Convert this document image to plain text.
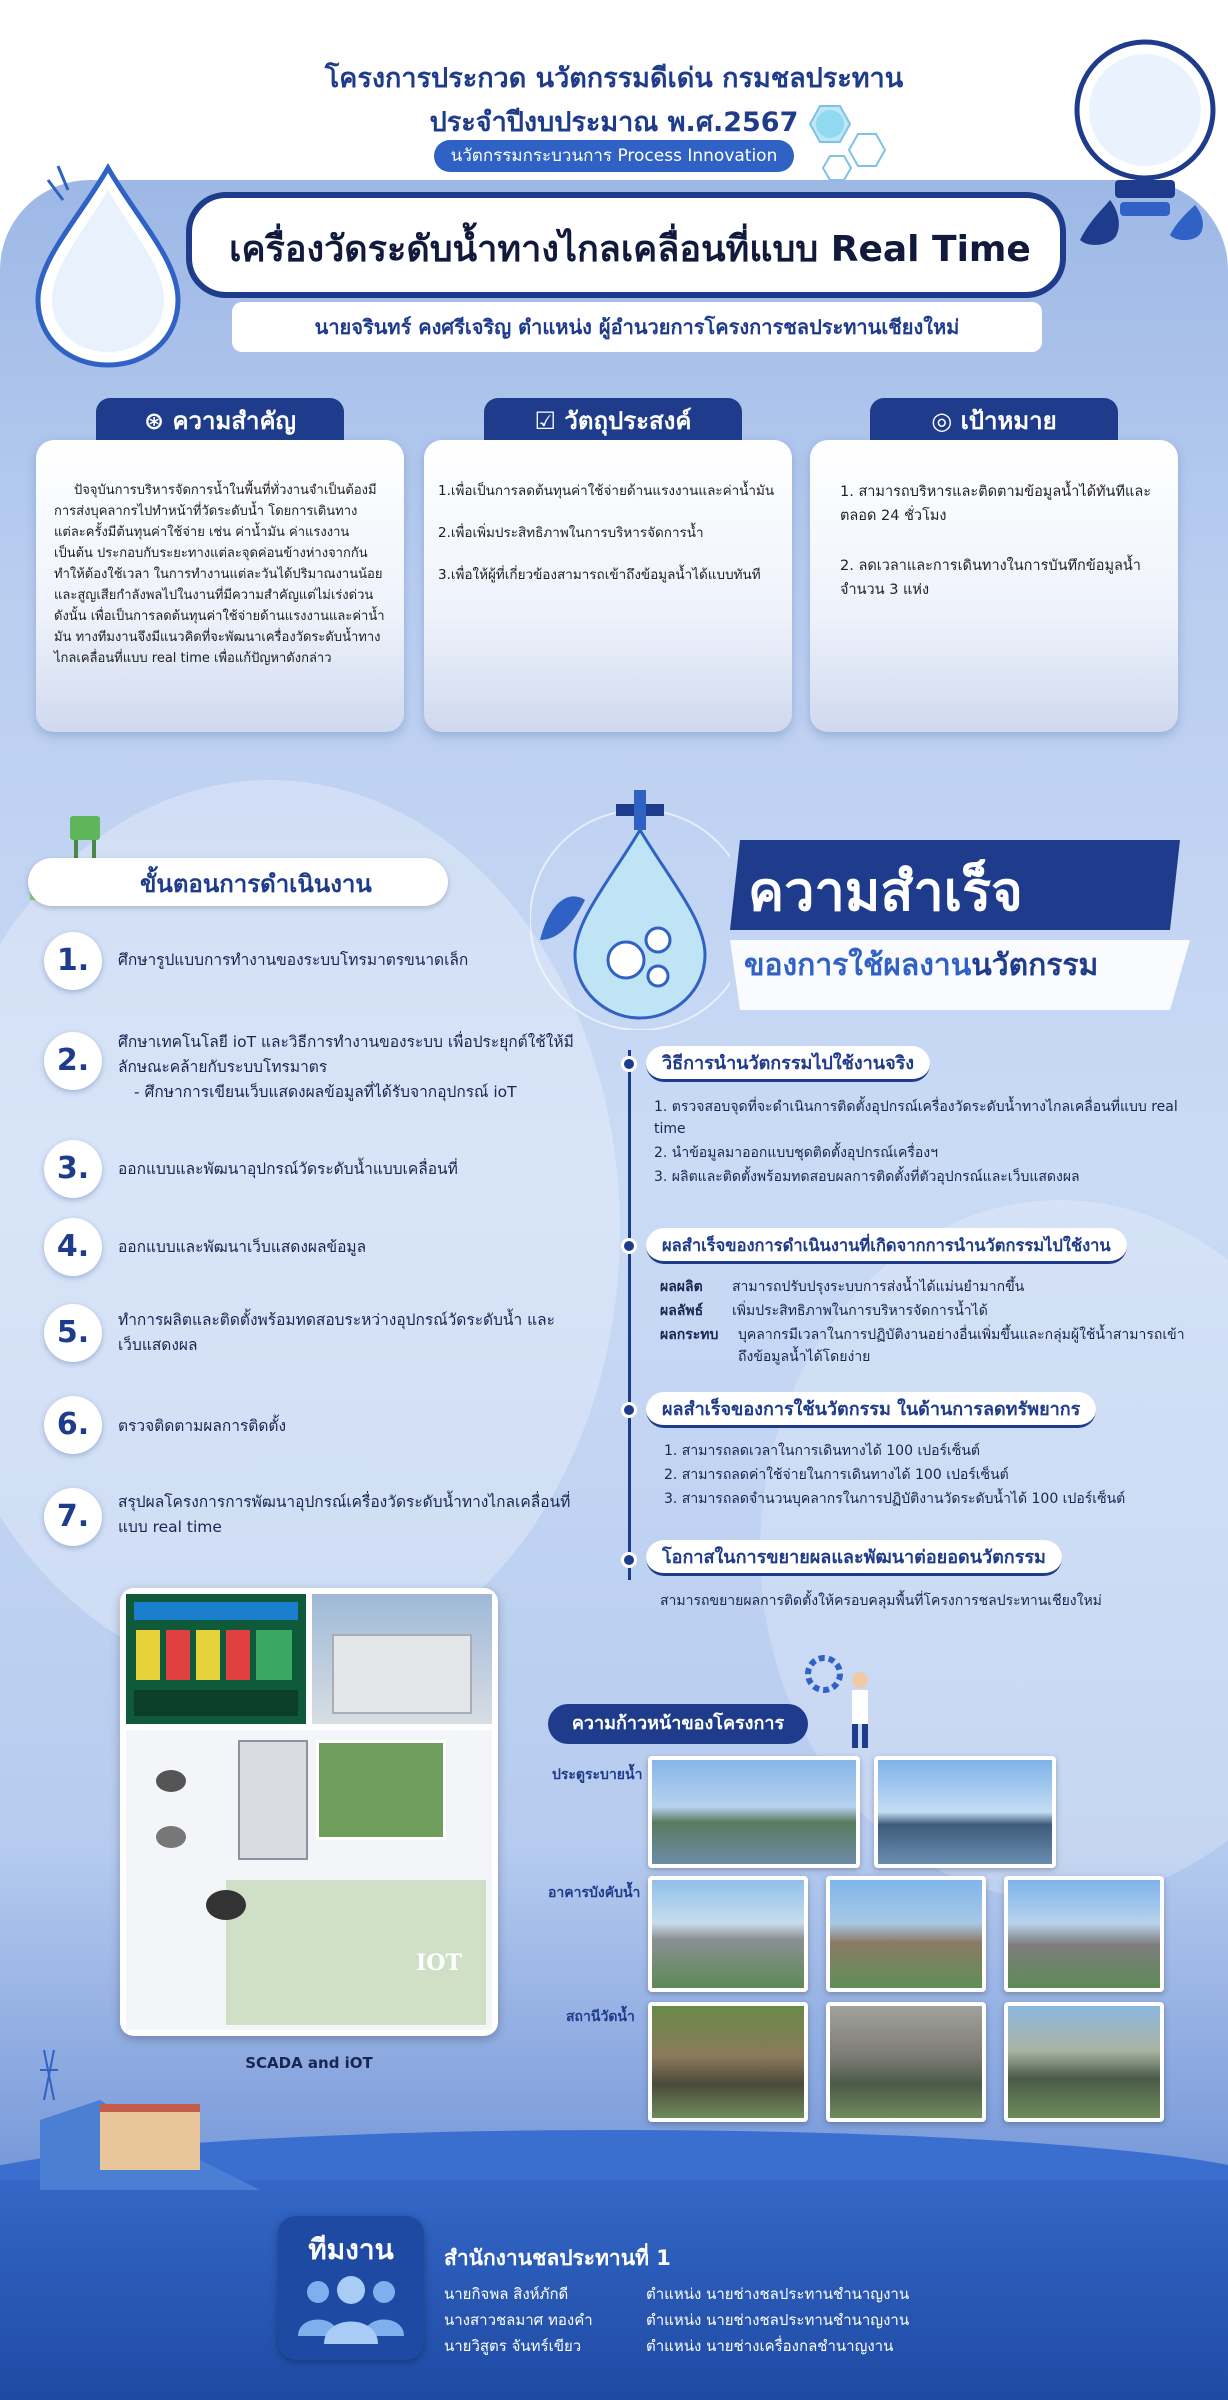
โครงการประกวด นวัตกรรมดีเด่น กรมชลประทาน
ประจำปีงบประมาณ พ.ศ.2567
นวัตกรรมกระบวนการ Process Innovation
เครื่องวัดระดับน้ำทางไกลเคลื่อนที่แบบ Real Time
นายจรินทร์ คงศรีเจริญ ตำแหน่ง ผู้อำนวยการโครงการชลประทานเชียงใหม่
⊛ ความสำคัญ
ปัจจุบันการบริหารจัดการน้ำในพื้นที่ทั่วงานจำเป็นต้องมีการส่งบุคลากรไปทำหน้าที่วัดระดับน้ำ โดยการเดินทางแต่ละครั้งมีต้นทุนค่าใช้จ่าย เช่น ค่าน้ำมัน ค่าแรงงาน เป็นต้น ประกอบกับระยะทางแต่ละจุดค่อนข้างห่างจากกัน ทำให้ต้องใช้เวลา ในการทำงานแต่ละวันได้ปริมาณงานน้อย และสูญเสียกำลังพลไปในงานที่มีความสำคัญแต่ไม่เร่งด่วน ดังนั้น เพื่อเป็นการลดต้นทุนค่าใช้จ่ายด้านแรงงานและค่าน้ำมัน ทางทีมงานจึงมีแนวคิดที่จะพัฒนาเครื่องวัดระดับน้ำทางไกลเคลื่อนที่แบบ real time เพื่อแก้ปัญหาดังกล่าว
☑ วัตถุประสงค์
1.เพื่อเป็นการลดต้นทุนค่าใช้จ่ายด้านแรงงานและค่าน้ำมัน
2.เพื่อเพิ่มประสิทธิภาพในการบริหารจัดการน้ำ
3.เพื่อให้ผู้ที่เกี่ยวข้องสามารถเข้าถึงข้อมูลน้ำได้แบบทันที
◎ เป้าหมาย
1. สามารถบริหารและติดตามข้อมูลน้ำได้ทันทีและตลอด 24 ชั่วโมง
2. ลดเวลาและการเดินทางในการบันทึกข้อมูลน้ำ จำนวน 3 แห่ง
ขั้นตอนการดำเนินงาน
1.	ศึกษารูปแบบการทำงานของระบบโทรมาตรขนาดเล็ก
2.
ศึกษาเทคโนโลยี ioT และวิธีการทำงานของระบบ เพื่อประยุกต์ใช้ให้มีลักษณะคล้ายกับระบบโทรมาตร
- ศึกษาการเขียนเว็บแสดงผลข้อมูลที่ได้รับจากอุปกรณ์ ioT
3.	ออกแบบและพัฒนาอุปกรณ์วัดระดับน้ำแบบเคลื่อนที่
4.	ออกแบบและพัฒนาเว็บแสดงผลข้อมูล
5.	ทำการผลิตและติดตั้งพร้อมทดสอบระหว่างอุปกรณ์วัดระดับน้ำ และเว็บแสดงผล
6.	ตรวจติดตามผลการติดตั้ง
7.	สรุปผลโครงการการพัฒนาอุปกรณ์เครื่องวัดระดับน้ำทางไกลเคลื่อนที่ แบบ real time
IOT
SCADA and iOT
ความสำเร็จ
ของการใช้ผลงานนวัตกรรม
วิธีการนำนวัตกรรมไปใช้งานจริง
1. ตรวจสอบจุดที่จะดำเนินการติดตั้งอุปกรณ์เครื่องวัดระดับน้ำทางไกลเคลื่อนที่แบบ real time
2. นำข้อมูลมาออกแบบชุดติดตั้งอุปกรณ์เครื่องฯ
3. ผลิตและติดตั้งพร้อมทดสอบผลการติดตั้งที่ตัวอุปกรณ์และเว็บแสดงผล
ผลสำเร็จของการดำเนินงานที่เกิดจากการนำนวัตกรรมไปใช้งาน
ผลผลิต	สามารถปรับปรุงระบบการส่งน้ำได้แม่นยำมากขึ้น
ผลลัพธ์	เพิ่มประสิทธิภาพในการบริหารจัดการน้ำได้
ผลกระทบ	บุคลากรมีเวลาในการปฏิบัติงานอย่างอื่นเพิ่มขึ้นและกลุ่มผู้ใช้น้ำสามารถเข้าถึงข้อมูลน้ำได้โดยง่าย
ผลสำเร็จของการใช้นวัตกรรม ในด้านการลดทรัพยากร
1. สามารถลดเวลาในการเดินทางได้ 100 เปอร์เซ็นต์
2. สามารถลดค่าใช้จ่ายในการเดินทางได้ 100 เปอร์เซ็นต์
3. สามารถลดจำนวนบุคลากรในการปฏิบัติงานวัดระดับน้ำได้ 100 เปอร์เซ็นต์
โอกาสในการขยายผลและพัฒนาต่อยอดนวัตกรรม
สามารถขยายผลการติดตั้งให้ครอบคลุมพื้นที่โครงการชลประทานเชียงใหม่
ความก้าวหน้าของโครงการ
ประตูระบายน้ำ
อาคารบังคับน้ำ
สถานีวัดน้ำ
ทีมงาน	สำนักงานชลประทานที่ 1
นายกิจพล สิงห์ภักดี	ตำแหน่ง นายช่างชลประทานชำนาญงาน
นางสาวชลมาศ ทองคำ	ตำแหน่ง นายช่างชลประทานชำนาญงาน
นายวิสูตร จันทร์เขียว	ตำแหน่ง นายช่างเครื่องกลชำนาญงาน
